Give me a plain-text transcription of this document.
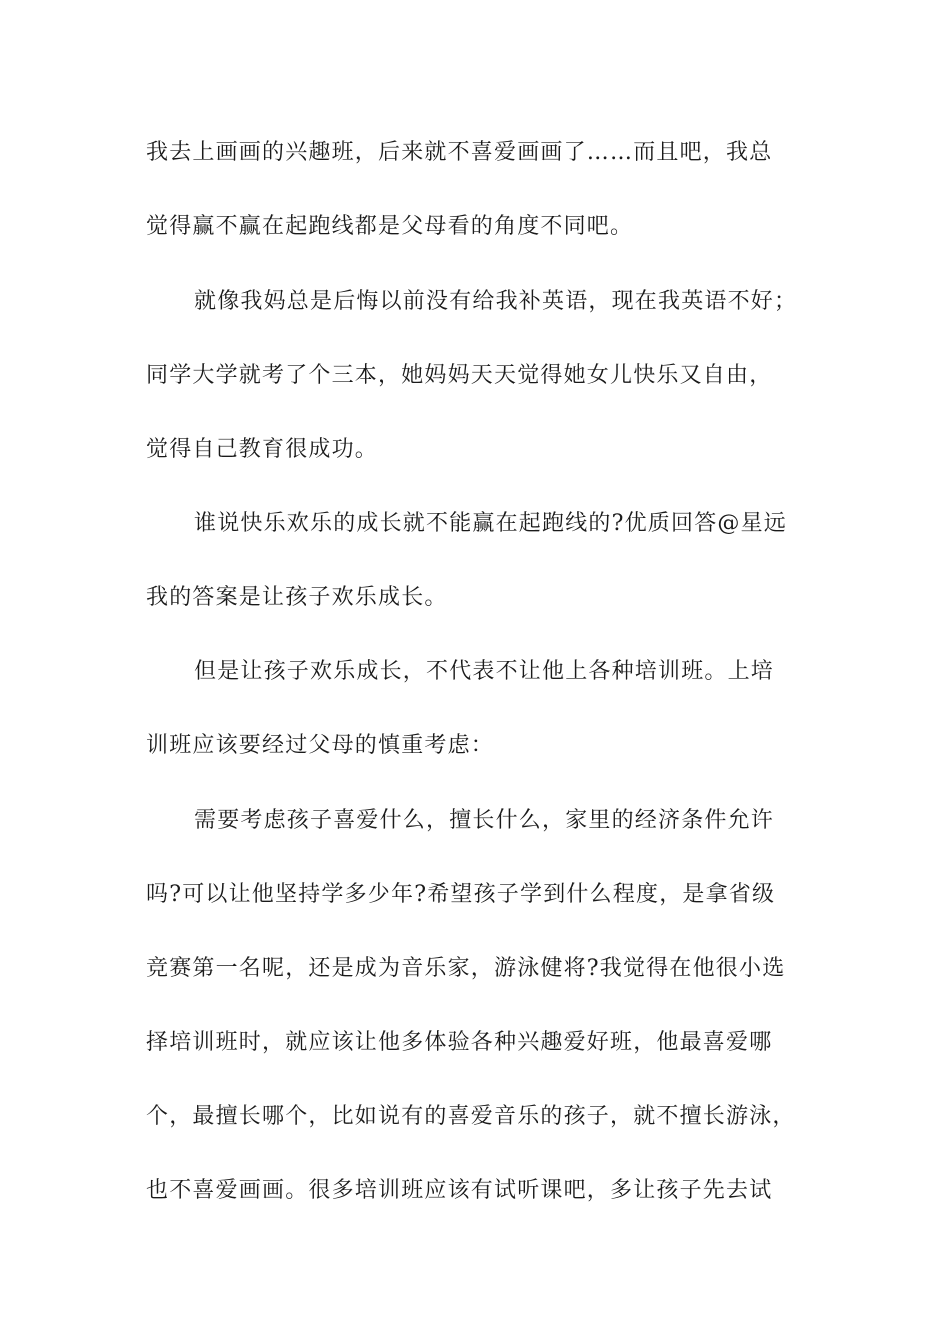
我去上画画的兴趣班，后来就不喜爱画画了……而且吧，我总
觉得赢不赢在起跑线都是父母看的角度不同吧。
就像我妈总是后悔以前没有给我补英语，现在我英语不好；
同学大学就考了个三本，她妈妈天天觉得她女儿快乐又自由，
觉得自己教育很成功。
谁说快乐欢乐的成长就不能赢在起跑线的?优质回答@星远
我的答案是让孩子欢乐成长。
但是让孩子欢乐成长，不代表不让他上各种培训班。上培
训班应该要经过父母的慎重考虑：
需要考虑孩子喜爱什么，擅长什么，家里的经济条件允许
吗?可以让他坚持学多少年?希望孩子学到什么程度，是拿省级
竞赛第一名呢，还是成为音乐家，游泳健将?我觉得在他很小选
择培训班时，就应该让他多体验各种兴趣爱好班，他最喜爱哪
个，最擅长哪个，比如说有的喜爱音乐的孩子，就不擅长游泳，
也不喜爱画画。很多培训班应该有试听课吧，多让孩子先去试
